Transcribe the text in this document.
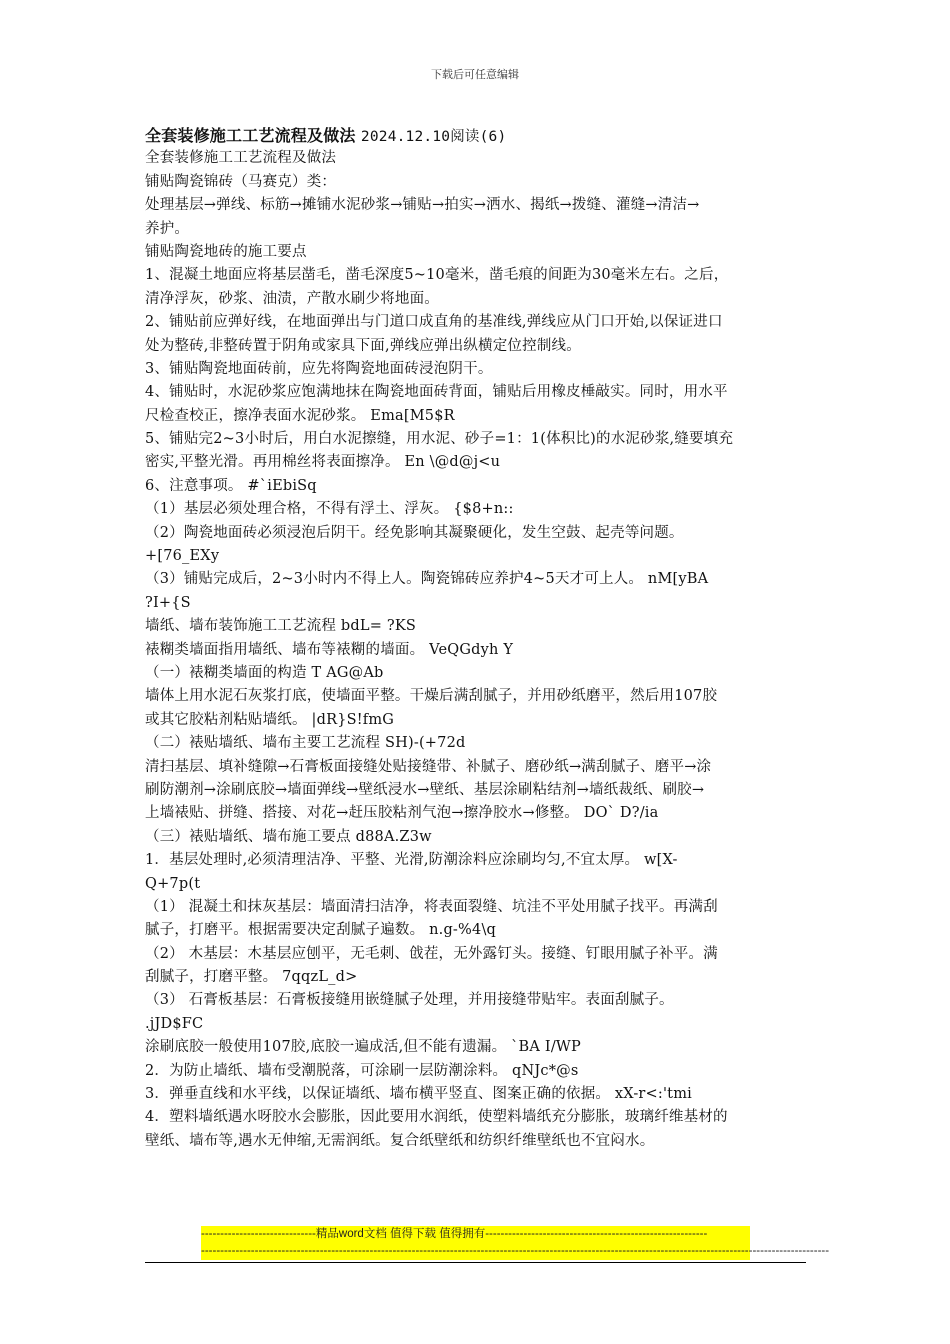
下载后可任意编辑
全套装修施工工艺流程及做法 2024.12.10阅读(6)
全套装修施工工艺流程及做法
铺贴陶瓷锦砖（马赛克）类：
处理基层→弹线、标筋→摊铺水泥砂浆→铺贴→拍实→洒水、揭纸→拨缝、灌缝→清洁→
养护。
铺贴陶瓷地砖的施工要点
1、混凝土地面应将基层凿毛，凿毛深度5~10毫米，凿毛痕的间距为30毫米左右。之后，
清净浮灰，砂浆、油渍，产散水刷少将地面。
2、铺贴前应弹好线，在地面弹出与门道口成直角的基准线,弹线应从门口开始,以保证进口
处为整砖,非整砖置于阴角或家具下面,弹线应弹出纵横定位控制线。
3、铺贴陶瓷地面砖前，应先将陶瓷地面砖浸泡阴干。
4、铺贴时，水泥砂浆应饱满地抹在陶瓷地面砖背面，铺贴后用橡皮棰敲实。同时，用水平
尺检查校正，擦净表面水泥砂浆。 Ema[M5$R
5、铺贴完2~3小时后，用白水泥擦缝，用水泥、砂子=1：1(体积比)的水泥砂浆,缝要填充
密实,平整光滑。再用棉丝将表面擦净。 En \@d@j<u
6、注意事项。 #`iEbiSq
（1）基层必须处理合格，不得有浮土、浮灰。 {$8+n::
（2）陶瓷地面砖必须浸泡后阴干。经免影响其凝聚硬化，发生空鼓、起壳等问题。
+[76_EXy
（3）铺贴完成后，2~3小时内不得上人。陶瓷锦砖应养护4~5天才可上人。 nM[yBA
?I+{S
墙纸、墙布装饰施工工艺流程 bdL= ?KS
裱糊类墙面指用墙纸、墙布等裱糊的墙面。 VeQGdyh Y
（一）裱糊类墙面的构造 T AG@Ab
墙体上用水泥石灰浆打底，使墙面平整。干燥后满刮腻子，并用砂纸磨平，然后用107胶
或其它胶粘剂粘贴墙纸。 |dR}S!fmG
（二）裱贴墙纸、墙布主要工艺流程 SH)-(+72d
清扫基层、填补缝隙→石膏板面接缝处贴接缝带、补腻子、磨砂纸→满刮腻子、磨平→涂
刷防潮剂→涂刷底胶→墙面弹线→壁纸浸水→壁纸、基层涂刷粘结剂→墙纸裁纸、刷胶→
上墙裱贴、拼缝、搭接、对花→赶压胶粘剂气泡→擦净胶水→修整。 DO` D?/ia
（三）裱贴墙纸、墙布施工要点 d88A.Z3w
1．基层处理时,必须清理洁净、平整、光滑,防潮涂料应涂刷均匀,不宜太厚。 w[X-
Q+7p(t
（1） 混凝土和抹灰基层：墙面清扫洁净，将表面裂缝、坑洼不平处用腻子找平。再满刮
腻子，打磨平。根据需要决定刮腻子遍数。 n.g-%4\q
（2） 木基层：木基层应刨平，无毛刺、戗茬，无外露钉头。接缝、钉眼用腻子补平。满
刮腻子，打磨平整。 7qqzL_d>
（3） 石膏板基层：石膏板接缝用嵌缝腻子处理，并用接缝带贴牢。表面刮腻子。
.jJD$FC
涂刷底胶一般使用107胶,底胶一遍成活,但不能有遗漏。 `BA I/WP
2．为防止墙纸、墙布受潮脱落，可涂刷一层防潮涂料。 qNJc*@s
3．弹垂直线和水平线，以保证墙纸、墙布横平竖直、图案正确的依据。 xX-r<:'tmi
4．塑料墙纸遇水呀胶水会膨胀，因此要用水润纸，使塑料墙纸充分膨胀，玻璃纤维基材的
壁纸、墙布等,遇水无伸缩,无需润纸。复合纸壁纸和纺织纤维壁纸也不宜闷水。
------------------------------精品word文档 值得下载 值得拥有----------------------------------------------------------
--------------------------------------------------------------------------------------------------------------------------------------------------------------------
